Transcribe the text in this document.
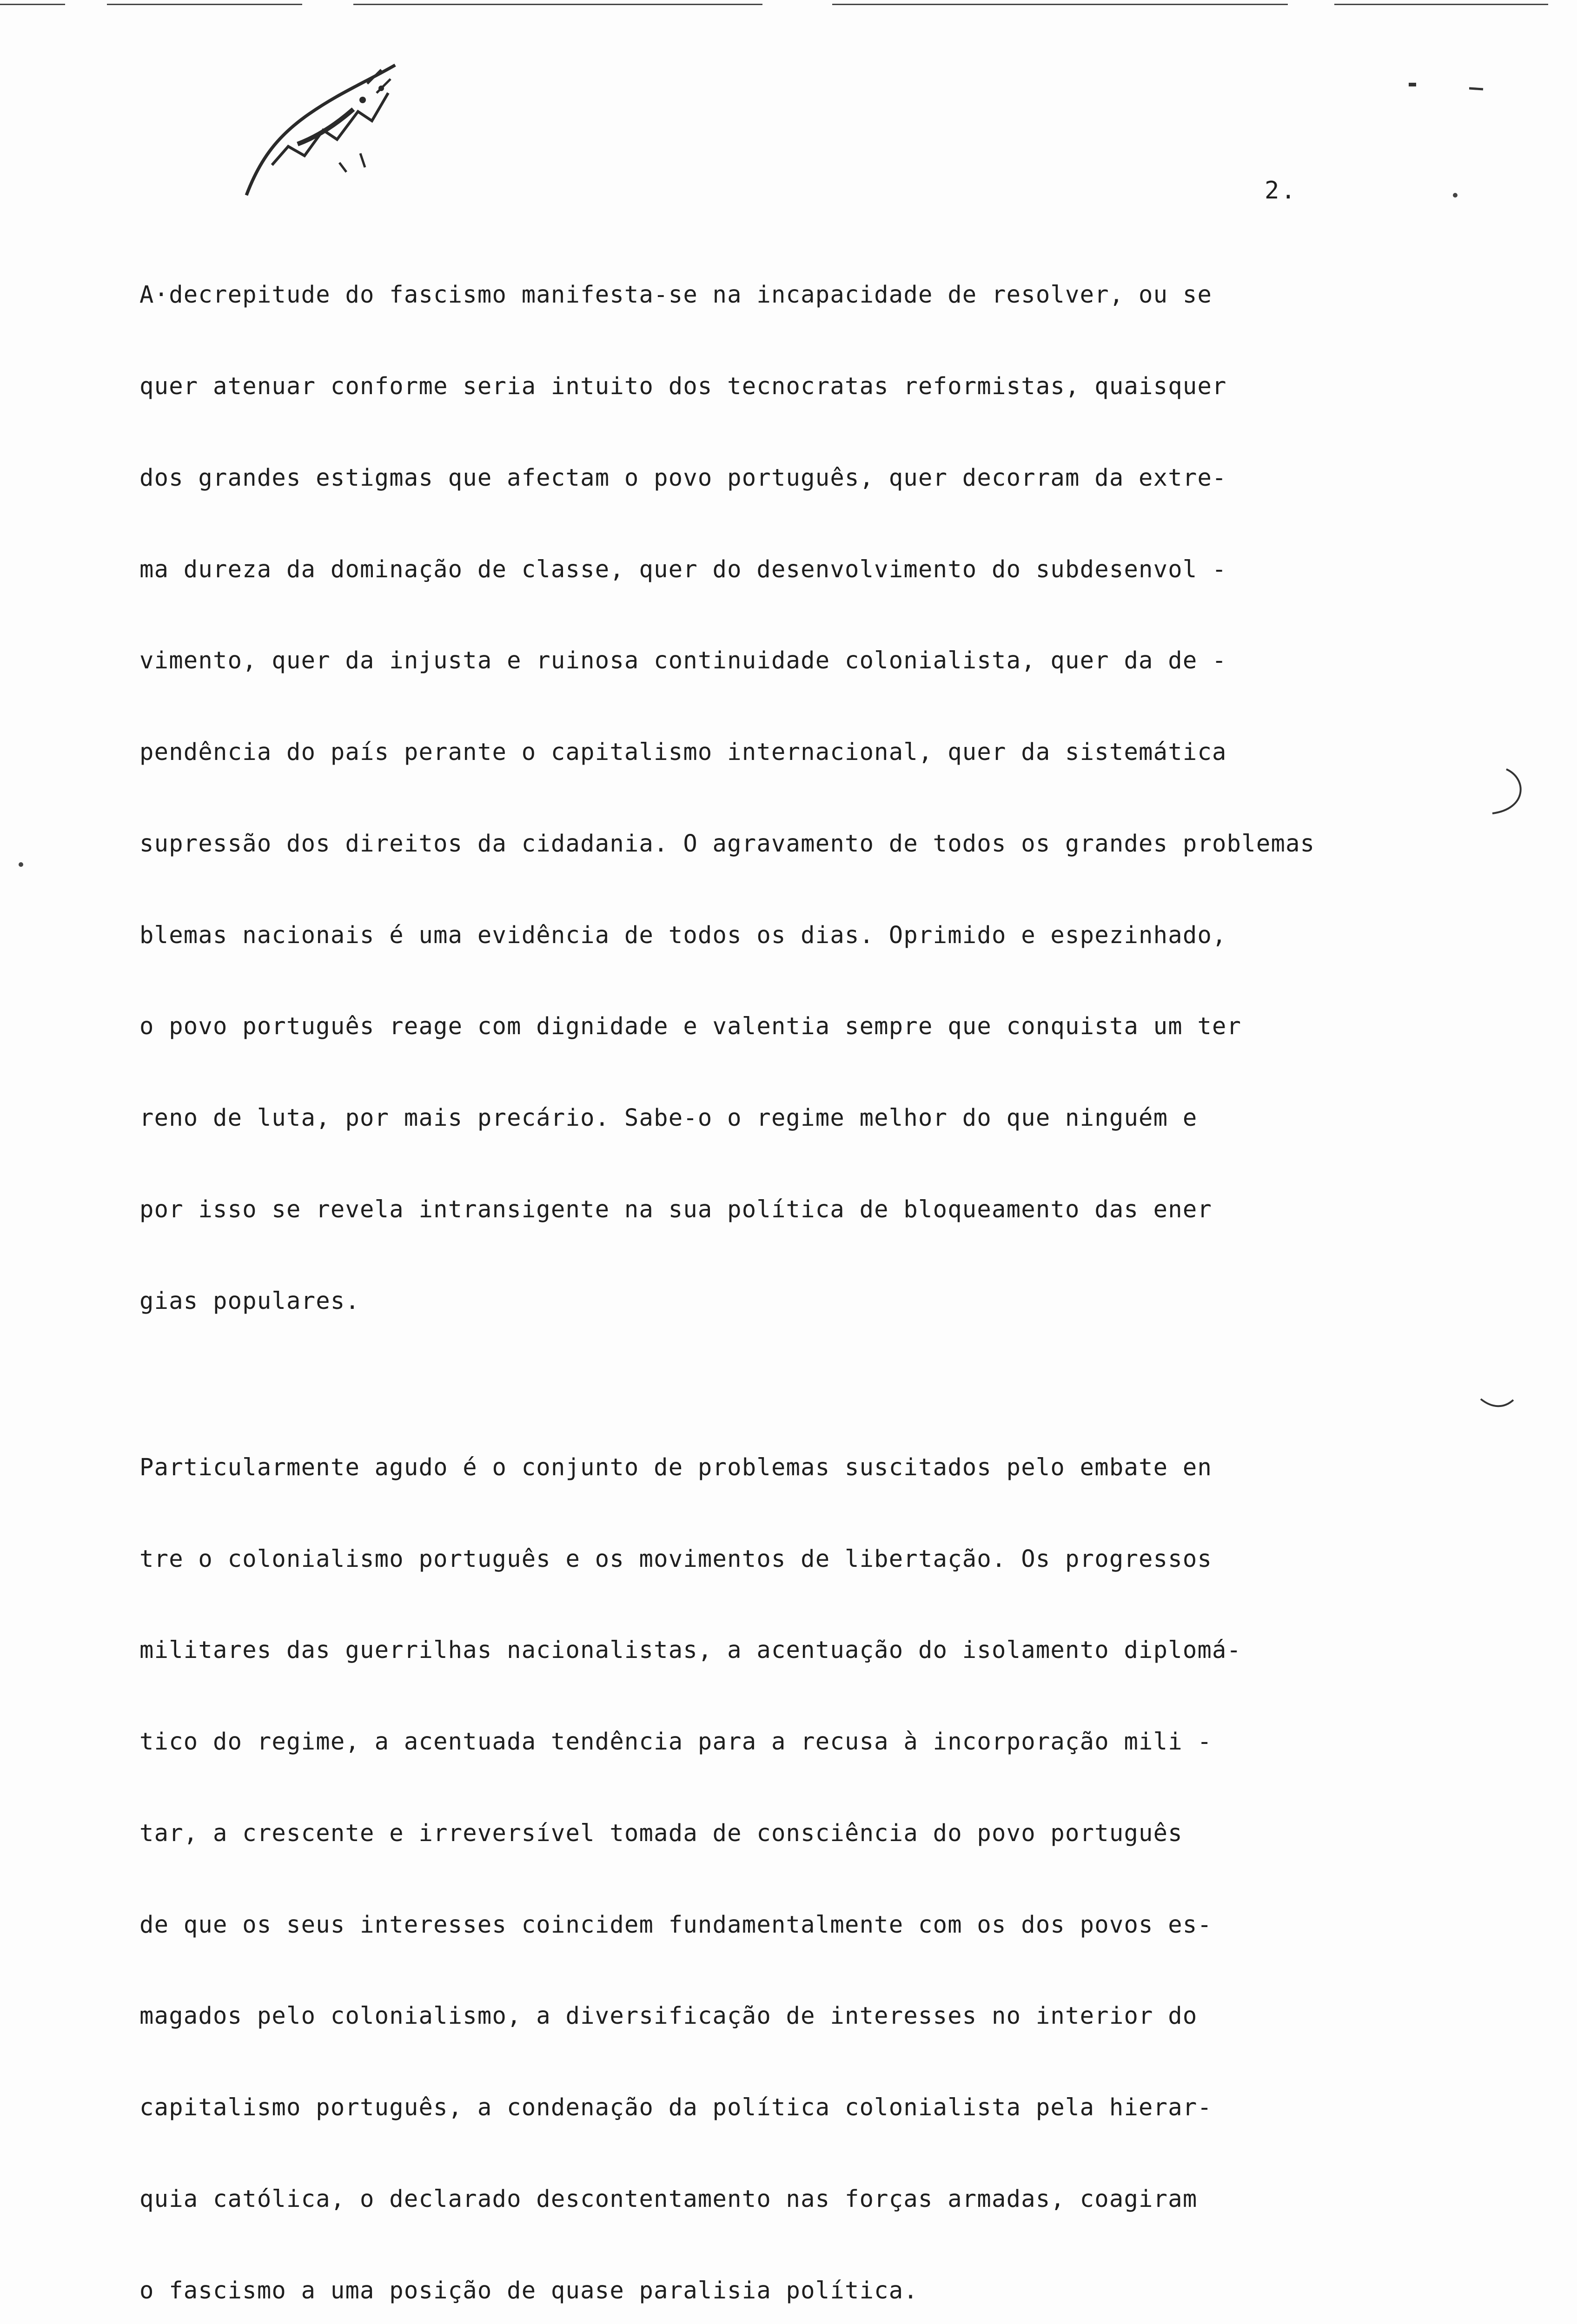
2.

A·decrepitude do fascismo manifesta-se na incapacidade de resolver, ou se

quer atenuar conforme seria intuito dos tecnocratas reformistas, quaisquer

dos grandes estigmas que afectam o povo português, quer decorram da extre-

ma dureza da dominação de classe, quer do desenvolvimento do subdesenvol -

vimento, quer da injusta e ruinosa continuidade colonialista, quer da de -

pendência do país perante o capitalismo internacional, quer da sistemática

supressão dos direitos da cidadania. O agravamento de todos os grandes problemas

blemas nacionais é uma evidência de todos os dias. Oprimido e espezinhado,

o povo português reage com dignidade e valentia sempre que conquista um ter

reno de luta, por mais precário. Sabe-o o regime melhor do que ninguém e

por isso se revela intransigente na sua política de bloqueamento das ener

gias populares.

Particularmente agudo é o conjunto de problemas suscitados pelo embate en

tre o colonialismo português e os movimentos de libertação. Os progressos

militares das guerrilhas nacionalistas, a acentuação do isolamento diplomá-

tico do regime, a acentuada tendência para a recusa à incorporação mili -

tar, a crescente e irreversível tomada de consciência do povo português

de que os seus interesses coincidem fundamentalmente com os dos povos es-

magados pelo colonialismo, a diversificação de interesses no interior do

capitalismo português, a condenação da política colonialista pela hierar-

quia católica, o declarado descontentamento nas forças armadas, coagiram

o fascismo a uma posição de quase paralisia política.
